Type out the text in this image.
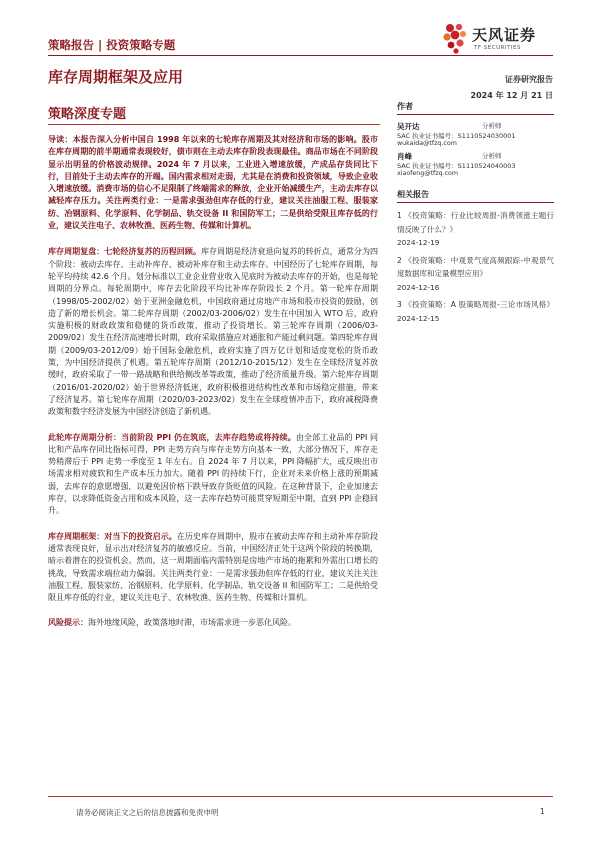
策略报告 | 投资策略专题
天风证券
TF SECURITIES
库存周期框架及应用	证券研究报告
2024 年 12 月 21 日
策略深度专题

导读：本报告深入分析中国自 1998 年以来的七轮库存周期及其对经济和市场的影响。股市在库存周期的前半期通常表现较好，债市则在主动去库存阶段表现最佳。商品市场在不同阶段显示出明显的价格波动规律。2024 年 7 月以来，工业进入增速放缓，产成品存货同比下行，目前处于主动去库存的开端。国内需求相对走弱，尤其是在消费和投资领域，导致企业收入增速放缓。消费市场的信心不足限制了终端需求的释放，企业开始减缓生产，主动去库存以减轻库存压力。关注两类行业：一是需求强劲但库存低的行业，建议关注油服工程、服装家纺、冶钢原料、化学原料、化学制品、轨交设备 II 和国防军工；二是供给受限且库存低的行业，建议关注电子、农林牧渔、医药生物、传媒和计算机。

库存周期复盘：七轮经济复苏的历程回顾。库存周期是经济衰退向复苏的转折点，通常分为四个阶段：被动去库存、主动补库存、被动补库存和主动去库存。中国经历了七轮库存周期，每轮平均持续 42.6 个月。划分标准以工业企业营业收入见底时为被动去库存的开始，也是每轮周期的分界点。每轮周期中，库存去化阶段平均比补库存阶段长 2 个月。第一轮库存周期（1998/05-2002/02）始于亚洲金融危机，中国政府通过房地产市场和股市投资的鼓励，创造了新的增长机会。第二轮库存周期（2002/03-2006/02）发生在中国加入 WTO 后，政府实施积极的财政政策和稳健的货币政策，推动了投资增长。第三轮库存周期（2006/03-2009/02）发生在经济高速增长时期，政府采取措施应对通胀和产能过剩问题。第四轮库存周期（2009/03-2012/09）始于国际金融危机，政府实施了四万亿计划和适度宽松的货币政策，为中国经济提供了机遇。第五轮库存周期（2012/10-2015/12）发生在全球经济复苏放缓时，政府采取了一带一路战略和供给侧改革等政策，推动了经济质量升级。第六轮库存周期（2016/01-2020/02）始于世界经济低迷，政府积极推进结构性改革和市场稳定措施，带来了经济复苏。第七轮库存周期（2020/03-2023/02）发生在全球疫情冲击下，政府减税降费政策和数字经济发展为中国经济创造了新机遇。

此轮库存周期分析：当前阶段 PPI 仍在筑底，去库存趋势或将持续。由全部工业品的 PPI 同比和产品库存同比指标可得，PPI 走势方向与库存走势方向基本一致，大部分情况下，库存走势稍滞后于 PPI 走势一季度至 1 年左右。自 2024 年 7 月以来，PPI 降幅扩大，或反映出市场需求相对疲软和生产成本压力加大。随着 PPI 的持续下行，企业对未来价格上涨的预期减弱，去库存的意愿增强，以避免因价格下跌导致存货贬值的风险。在这种背景下，企业加速去库存，以求降低资金占用和成本风险，这一去库存趋势可能贯穿短期至中期，直到 PPI 企稳回升。

库存周期框架：对当下的投资启示。在历史库存周期中，股市在被动去库存和主动补库存阶段通常表现良好，显示出对经济复苏的敏感反应。当前，中国经济正处于这两个阶段的转换期，暗示着潜在的投资机会。然而，这一周期面临内需特别是房地产市场的拖累和外需出口增长的挑战，导致需求端拉动力偏弱。关注两类行业：一是需求强劲但库存低的行业，建议关注关注油服工程、服装家纺、冶钢原料、化学原料、化学制品、轨交设备 II 和国防军工；二是供给受限且库存低的行业，建议关注电子、农林牧渔、医药生物、传媒和计算机。

风险提示：海外地缘风险，政策落地时滞，市场需求进一步恶化风险。

作者
吴开达	分析师
SAC 执业证书编号：S1110524030001
wukaida@tfzq.com
肖峰	分析师
SAC 执业证书编号：S1110524040003
xiaofeng@tfzq.com
相关报告
1 《投资策略：行业比较周报-消费领涨主题行情反映了什么？》
2024-12-19
2 《投资策略：中观景气度高频跟踪-中观景气度数据库和定量模型应用》
2024-12-16
3 《投资策略：A 股策略周报-三论市场风格》 2024-12-15
请务必阅读正文之后的信息披露和免责申明	1
